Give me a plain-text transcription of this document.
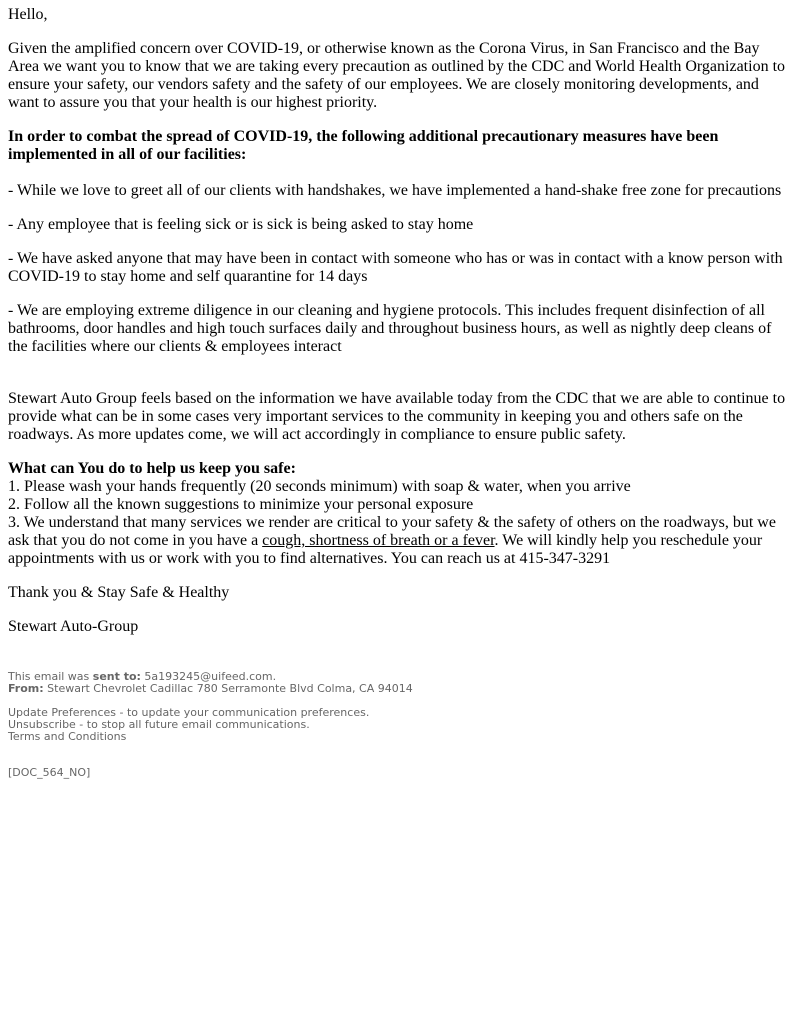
Hello,

Given the amplified concern over COVID-19, or otherwise known as the Corona Virus, in San Francisco and the Bay Area we want you to know that we are taking every precaution as outlined by the CDC and World Health Organization to ensure your safety, our vendors safety and the safety of our employees. We are closely monitoring developments, and want to assure you that your health is our highest priority.

In order to combat the spread of COVID-19, the following additional precautionary measures have been implemented in all of our facilities:

- While we love to greet all of our clients with handshakes, we have implemented a hand-shake free zone for precautions

- Any employee that is feeling sick or is sick is being asked to stay home

- We have asked anyone that may have been in contact with someone who has or was in contact with a know person with COVID-19 to stay home and self quarantine for 14 days

- We are employing extreme diligence in our cleaning and hygiene protocols. This includes frequent disinfection of all bathrooms, door handles and high touch surfaces daily and throughout business hours, as well as nightly deep cleans of the facilities where our clients & employees interact

Stewart Auto Group feels based on the information we have available today from the CDC that we are able to continue to provide what can be in some cases very important services to the community in keeping you and others safe on the roadways. As more updates come, we will act accordingly in compliance to ensure public safety.

What can You do to help us keep you safe:
1. Please wash your hands frequently (20 seconds minimum) with soap & water, when you arrive
2. Follow all the known suggestions to minimize your personal exposure
3. We understand that many services we render are critical to your safety & the safety of others on the roadways, but we ask that you do not come in you have a cough, shortness of breath or a fever. We will kindly help you reschedule your appointments with us or work with you to find alternatives. You can reach us at 415-347-3291

Thank you & Stay Safe & Healthy

Stewart Auto-Group

This email was sent to: 5a193245@uifeed.com.
From: Stewart Chevrolet Cadillac 780 Serramonte Blvd Colma, CA 94014
Update Preferences - to update your communication preferences.
Unsubscribe - to stop all future email communications.
Terms and Conditions
[DOC_564_NO]
